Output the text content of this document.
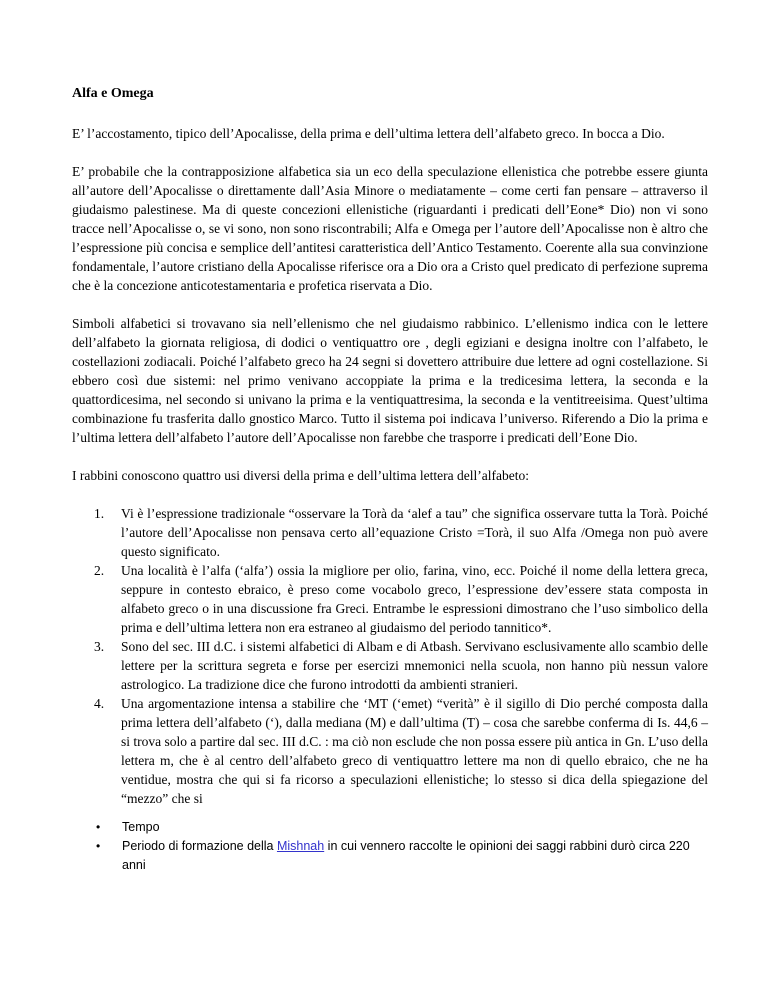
Alfa e Omega

E’ l’accostamento, tipico dell’Apocalisse, della prima e dell’ultima lettera dell’alfabeto greco. In bocca a Dio.

E’ probabile che la contrapposizione alfabetica sia un eco della speculazione ellenistica che potrebbe essere giunta all’autore dell’Apocalisse o direttamente dall’Asia Minore o mediatamente – come certi fan pensare – attraverso il giudaismo palestinese. Ma di queste concezioni ellenistiche (riguardanti i predicati dell’Eone* Dio) non vi sono tracce nell’Apocalisse o, se vi sono, non sono riscontrabili; Alfa e Omega per l’autore dell’Apocalisse non è altro che l’espressione più concisa e semplice dell’antitesi caratteristica dell’Antico Testamento. Coerente alla sua convinzione fondamentale, l’autore cristiano della Apocalisse riferisce ora a Dio ora a Cristo quel predicato di perfezione suprema che è la concezione anticotestamentaria e profetica riservata a Dio.

Simboli alfabetici si trovavano sia nell’ellenismo che nel giudaismo rabbinico. L’ellenismo indica con le lettere dell’alfabeto la giornata religiosa, di dodici o ventiquattro ore , degli egiziani e designa inoltre con l’alfabeto, le costellazioni zodiacali. Poiché l’alfabeto greco ha 24 segni si dovettero attribuire due lettere ad ogni costellazione. Si ebbero così due sistemi: nel primo venivano accoppiate la prima e la tredicesima lettera, la seconda e la quattordicesima, nel secondo si univano la prima e la ventiquattresima, la seconda e la ventitreeisima. Quest’ultima combinazione fu trasferita dallo gnostico Marco. Tutto il sistema poi indicava l’universo. Riferendo a Dio la prima e l’ultima lettera dell’alfabeto l’autore dell’Apocalisse non farebbe che trasporre i predicati dell’Eone Dio.

I rabbini conoscono quattro usi diversi della prima e dell’ultima lettera dell’alfabeto:

1.	Vi è l’espressione tradizionale “osservare la Torà da ‘alef a tau” che significa osservare tutta la Torà. Poiché l’autore dell’Apocalisse non pensava certo all’equazione Cristo =Torà, il suo Alfa /Omega non può avere questo significato.
2.	Una località è l’alfa (‘alfa’) ossia la migliore per olio, farina, vino, ecc. Poiché il nome della lettera greca, seppure in contesto ebraico, è preso come vocabolo greco, l’espressione dev’essere stata composta in alfabeto greco o in una discussione fra Greci. Entrambe le espressioni dimostrano che l’uso simbolico della prima e dell’ultima lettera non era estraneo al giudaismo del periodo tannitico*.
3.	Sono del sec. III d.C. i sistemi alfabetici di Albam e di Atbash. Servivano esclusivamente allo scambio delle lettere per la scrittura segreta e forse per esercizi mnemonici nella scuola, non hanno più nessun valore astrologico. La tradizione dice che furono introdotti da ambienti stranieri.
4.	Una argomentazione intensa a stabilire che ‘MT (‘emet) “verità” è il sigillo di Dio perché composta dalla prima lettera dell’alfabeto (‘), dalla mediana (M) e dall’ultima (T) – cosa che sarebbe conferma di Is. 44,6 – si trova solo a partire dal sec. III d.C. : ma ciò non esclude che non possa essere più antica in Gn. L’uso della lettera m, che è al centro dell’alfabeto greco di ventiquattro lettere ma non di quello ebraico, che ne ha ventidue, mostra che qui si fa ricorso a speculazioni ellenistiche; lo stesso si dica della spiegazione del “mezzo” che si
•	Tempo
•	Periodo di formazione della Mishnah in cui vennero raccolte le opinioni dei saggi rabbini durò circa 220 anni
